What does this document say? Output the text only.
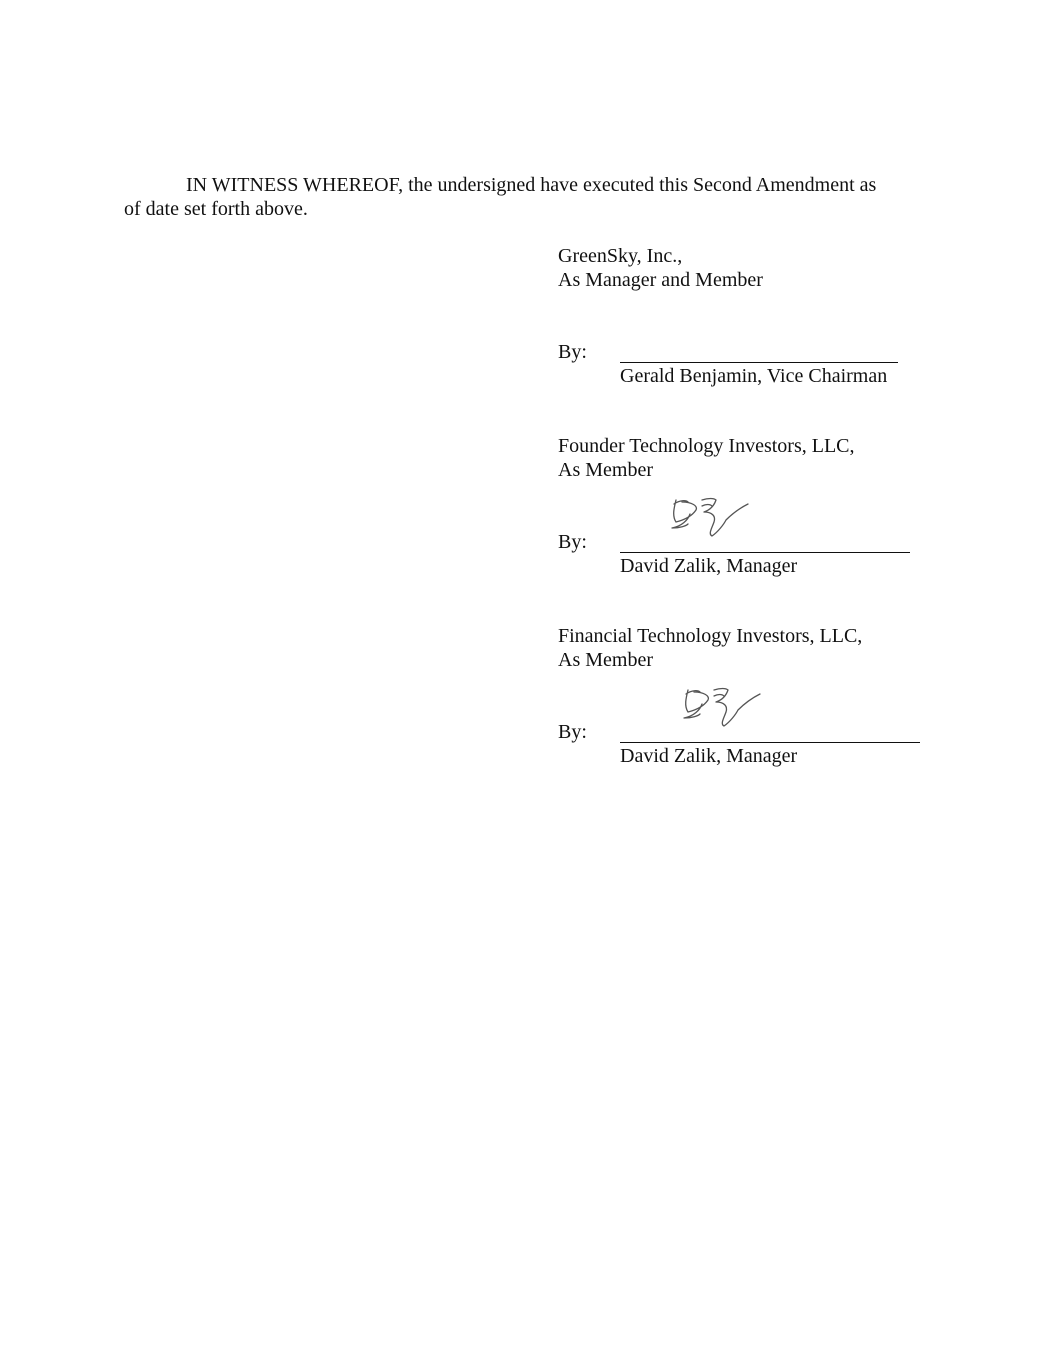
IN WITNESS WHEREOF, the undersigned have executed this Second Amendment as
of date set forth above.
GreenSky, Inc.,
As Manager and Member
By:
Gerald Benjamin, Vice Chairman
Founder Technology Investors, LLC,
As Member
By:
David Zalik, Manager
Financial Technology Investors, LLC,
As Member
By:
David Zalik, Manager
